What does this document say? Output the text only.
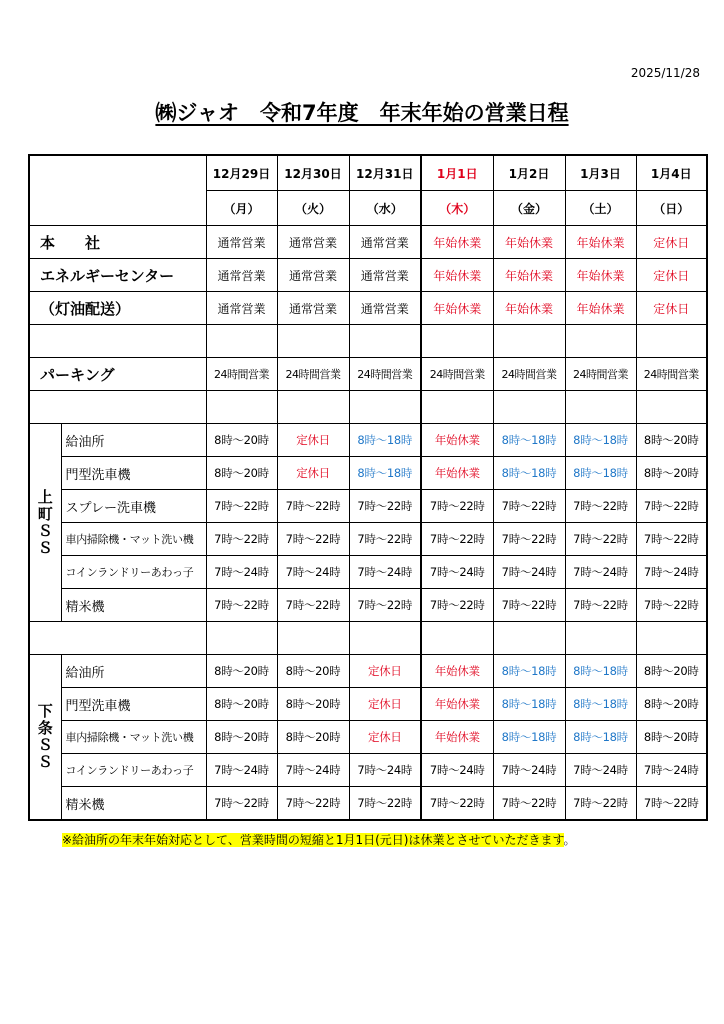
2025/11/28
㈱ジャオ　令和7年度　年末年始の営業日程
		12月29日	12月30日	12月31日	1月1日	1月2日	1月3日	1月4日
		（月）	（火）	（水）	（木）	（金）	（土）	（日）
本　　社		通常営業	通常営業	通常営業	年始休業	年始休業	年始休業	定休日
エネルギーセンター		通常営業	通常営業	通常営業	年始休業	年始休業	年始休業	定休日
（灯油配送）		通常営業	通常営業	通常営業	年始休業	年始休業	年始休業	定休日

パーキング		24時間営業	24時間営業	24時間営業	24時間営業	24時間営業	24時間営業	24時間営業

上
町
Ｓ
Ｓ	給油所	8時～20時	定休日	8時～18時	年始休業	8時～18時	8時～18時	8時～20時
	門型洗車機	8時～20時	定休日	8時～18時	年始休業	8時～18時	8時～18時	8時～20時
	スプレー洗車機	7時～22時	7時～22時	7時～22時	7時～22時	7時～22時	7時～22時	7時～22時
	車内掃除機・マット洗い機	7時～22時	7時～22時	7時～22時	7時～22時	7時～22時	7時～22時	7時～22時
	コインランドリーあわっ子	7時～24時	7時～24時	7時～24時	7時～24時	7時～24時	7時～24時	7時～24時
	精米機	7時～22時	7時～22時	7時～22時	7時～22時	7時～22時	7時～22時	7時～22時

下
条
Ｓ
Ｓ	給油所	8時～20時	8時～20時	定休日	年始休業	8時～18時	8時～18時	8時～20時
	門型洗車機	8時～20時	8時～20時	定休日	年始休業	8時～18時	8時～18時	8時～20時
	車内掃除機・マット洗い機	8時～20時	8時～20時	定休日	年始休業	8時～18時	8時～18時	8時～20時
	コインランドリーあわっ子	7時～24時	7時～24時	7時～24時	7時～24時	7時～24時	7時～24時	7時～24時
	精米機	7時～22時	7時～22時	7時～22時	7時～22時	7時～22時	7時～22時	7時～22時
※給油所の年末年始対応として、営業時間の短縮と1月1日(元日)は休業とさせていただきます。
